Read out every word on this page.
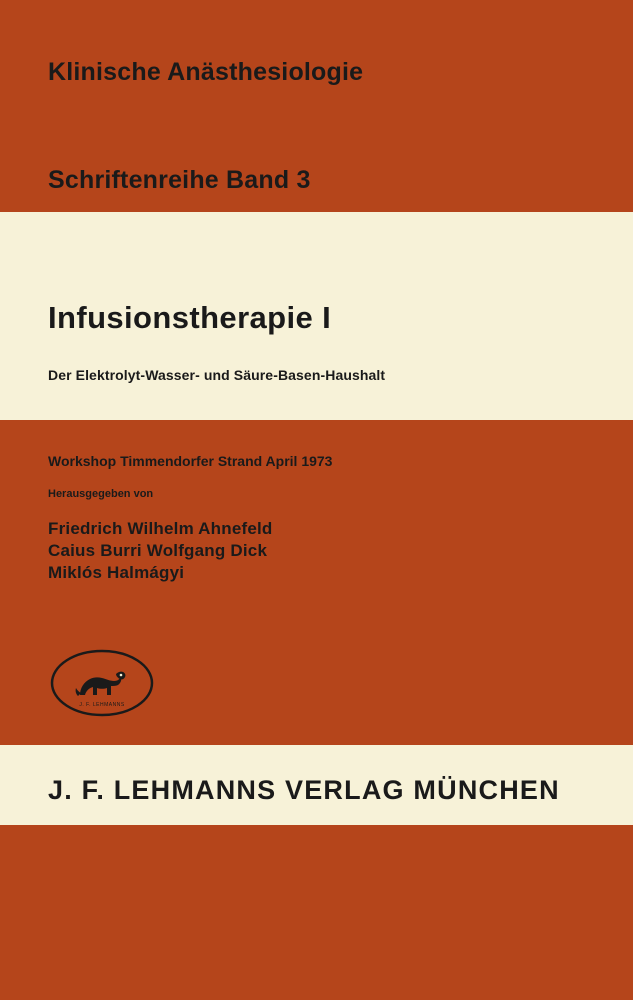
Klinische Anästhesiologie
Schriftenreihe Band 3
Infusionstherapie I
Der Elektrolyt-Wasser- und Säure-Basen-Haushalt
Workshop Timmendorfer Strand April 1973
Herausgegeben von
Friedrich Wilhelm Ahnefeld
Caius Burri Wolfgang Dick
Miklós Halmágyi
J. F. LEHMANNS
J. F. LEHMANNS VERLAG MÜNCHEN
